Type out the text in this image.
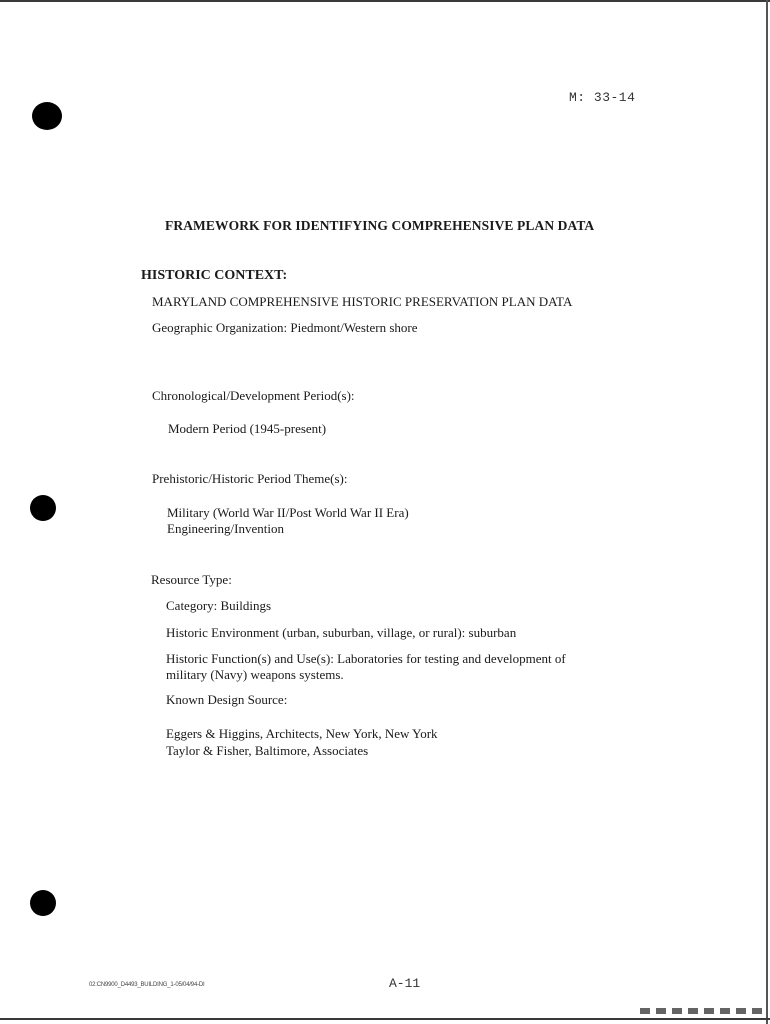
M: 33-14
FRAMEWORK FOR IDENTIFYING COMPREHENSIVE PLAN DATA
HISTORIC CONTEXT:
MARYLAND COMPREHENSIVE HISTORIC PRESERVATION PLAN DATA
Geographic Organization: Piedmont/Western shore
Chronological/Development Period(s):
Modern Period (1945-present)
Prehistoric/Historic Period Theme(s):
Military (World War II/Post World War II Era)
Engineering/Invention
Resource Type:
Category: Buildings
Historic Environment (urban, suburban, village, or rural): suburban
Historic Function(s) and Use(s): Laboratories for testing and development of
military (Navy) weapons systems.
Known Design Source:
Eggers & Higgins, Architects, New York, New York
Taylor & Fisher, Baltimore, Associates
02:CN9900_D4493_BUILDING_1-05/04/94-DI	A-11
